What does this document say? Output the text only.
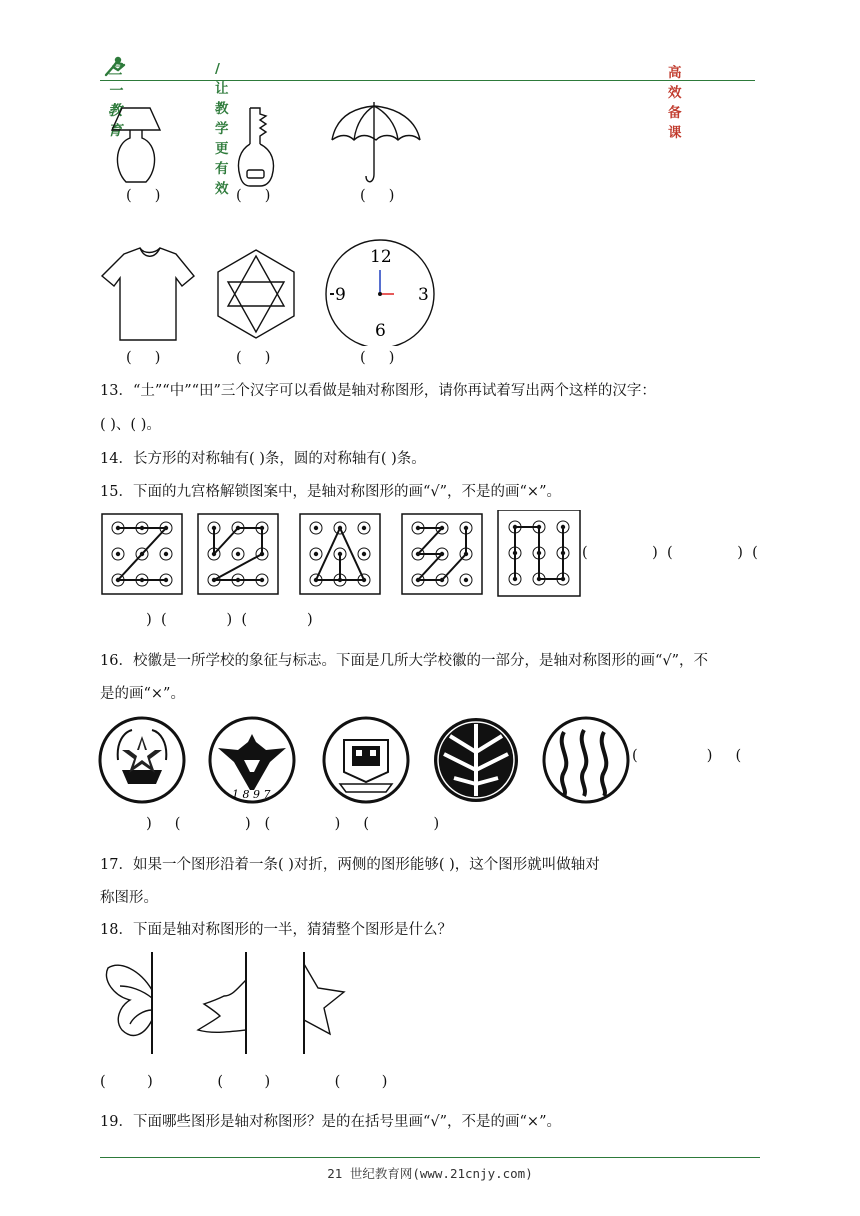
二一教育
/ 让教学更有效
高效备课
(     )	(     )	(     )
12
3
6
9
(     )	(     )	(     )
13．“土”“中”“田”三个汉字可以看做是轴对称图形，请你再试着写出两个这样的汉字：
( )、( )。
14．长方形的对称轴有( )条，圆的对称轴有( )条。
15．下面的九宫格解锁图案中，是轴对称图形的画“√”，不是的画“×”。
(              )  (              )  (
)  (             )  (             )
16．校徽是一所学校的象征与标志。下面是几所大学校徽的一部分，是轴对称图形的画“√”，不
是的画“×”。
1 8 9 7
(               )     (
)     (              )   (              )     (              )
17．如果一个图形沿着一条( )对折，两侧的图形能够( )，这个图形就叫做轴对
称图形。
18．下面是轴对称图形的一半，猜猜整个图形是什么？
(         )              (         )              (         )
19．下面哪些图形是轴对称图形？是的在括号里画“√”，不是的画“×”。
21 世纪教育网(www.21cnjy.com)
